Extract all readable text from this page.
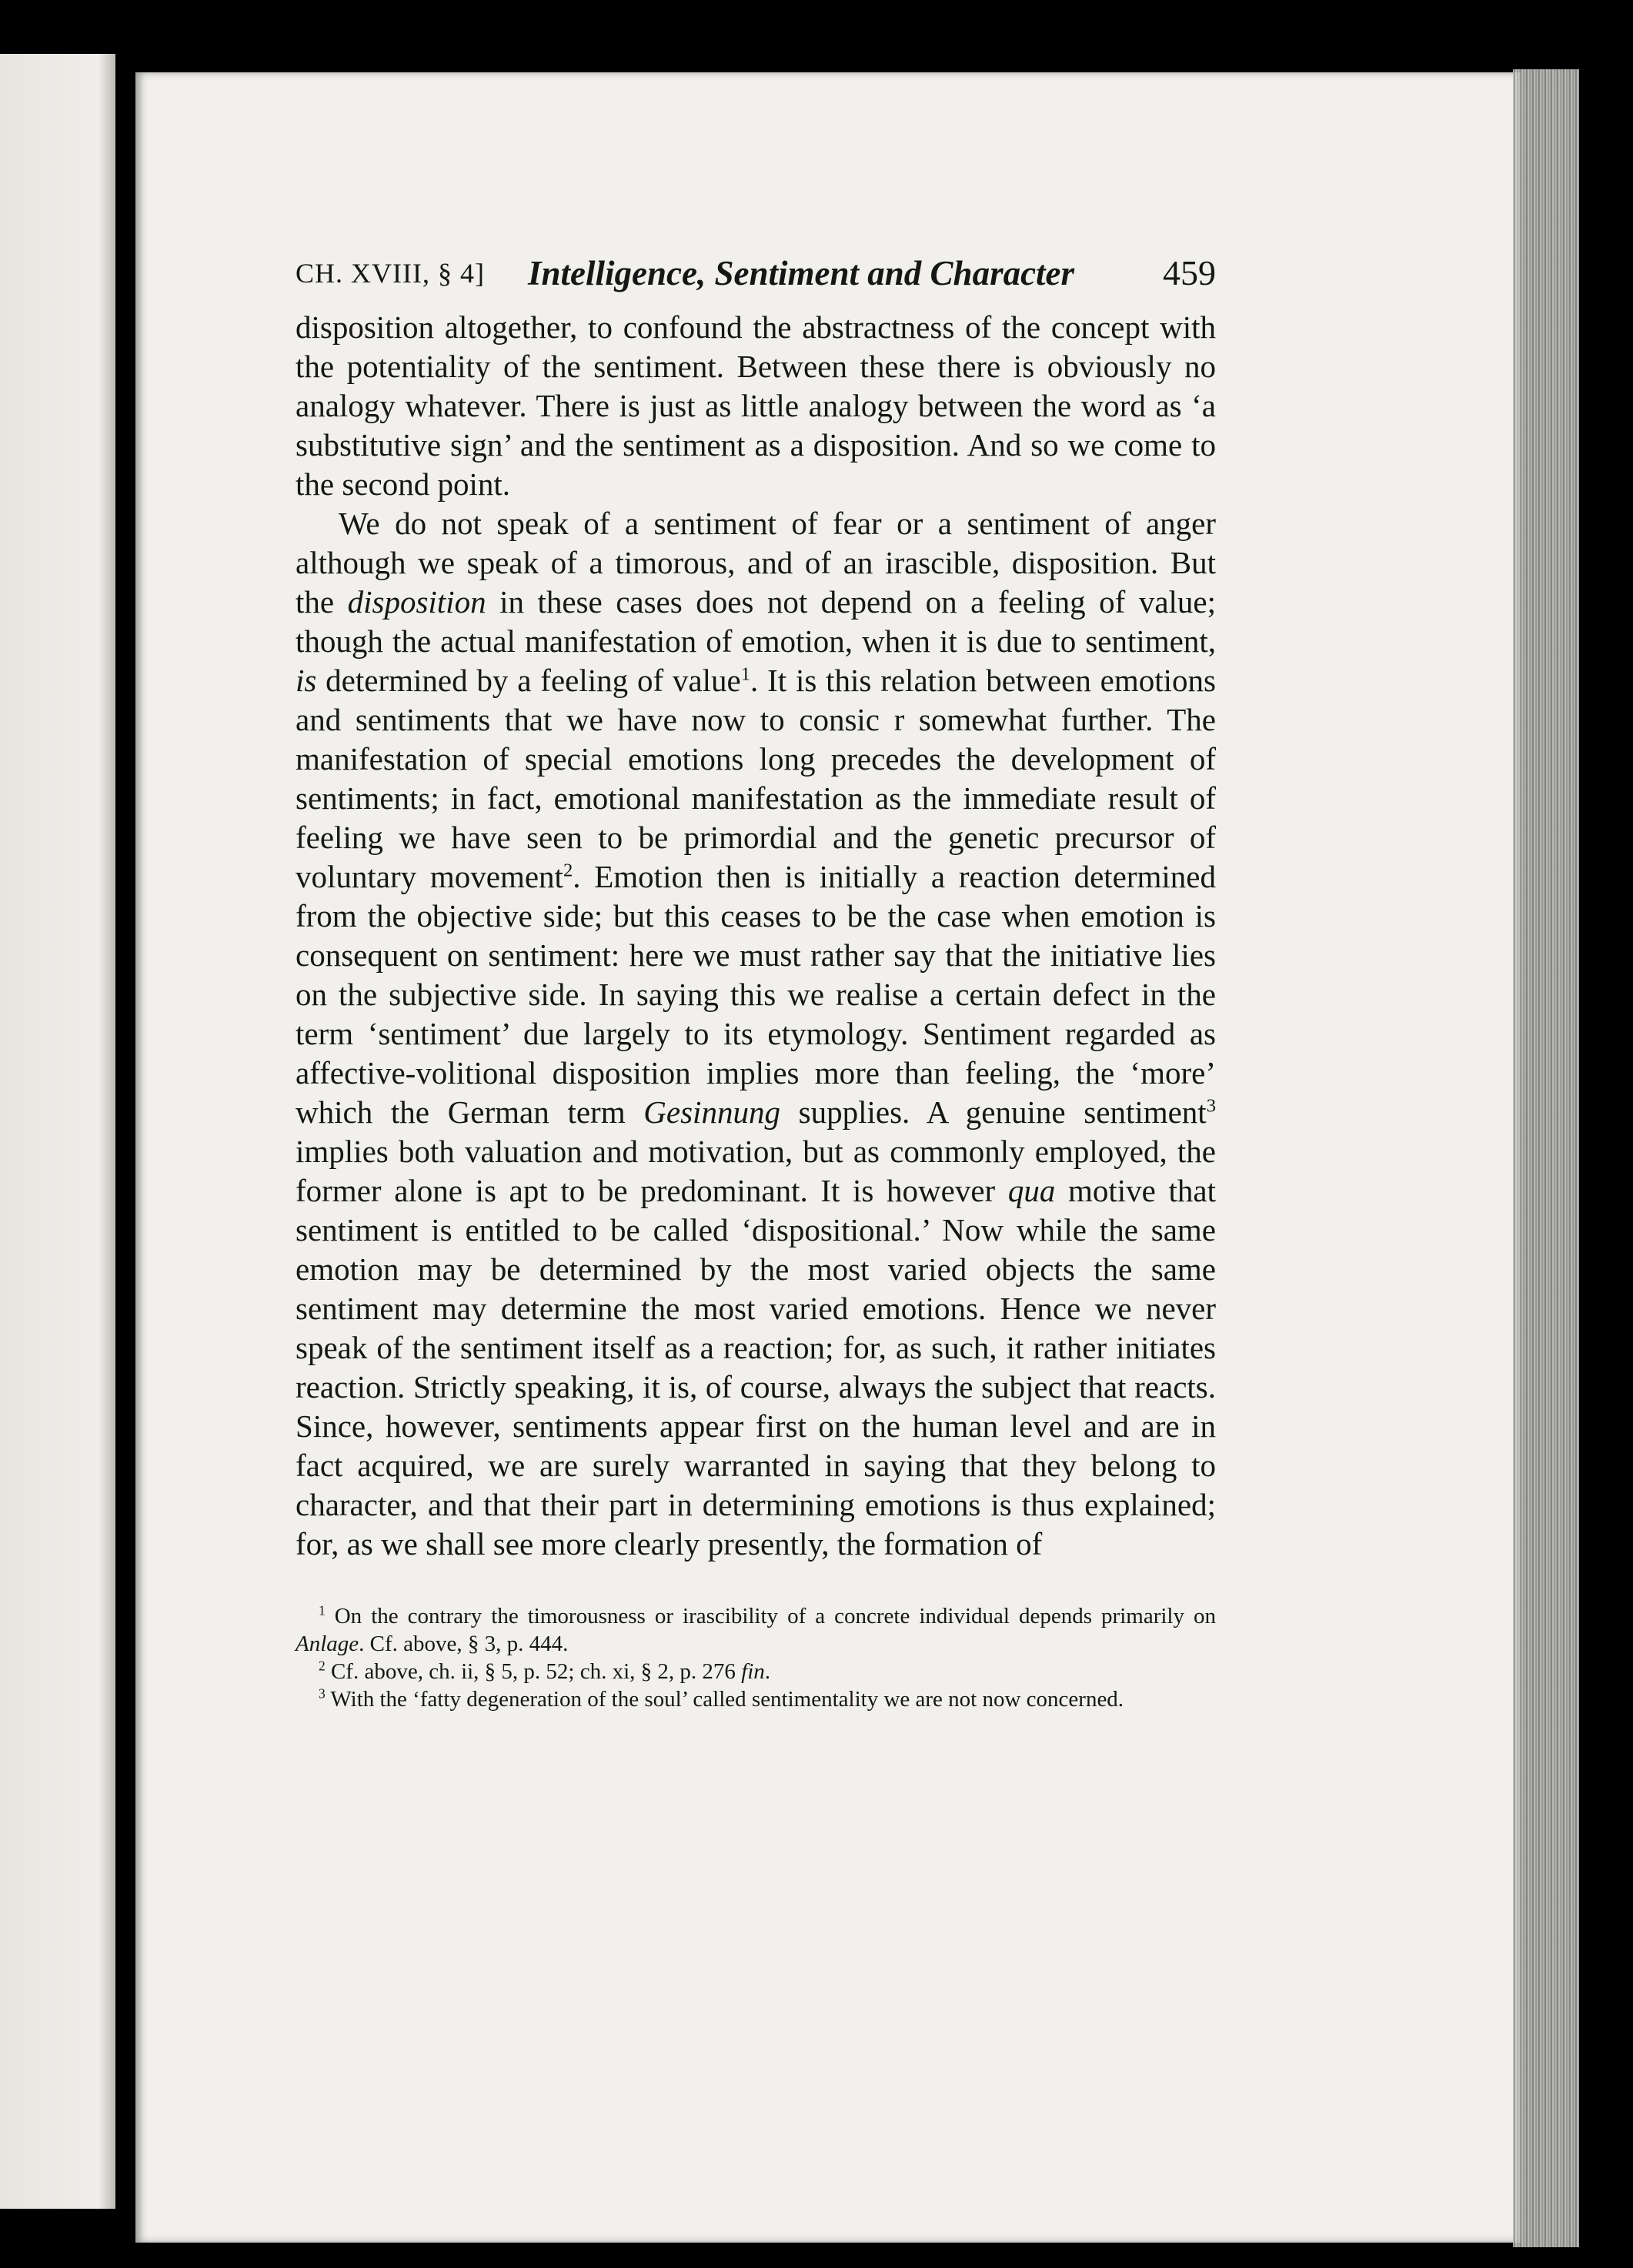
CH. XVIII, § 4] Intelligence, Sentiment and Character 459

disposition altogether, to confound the abstractness of the concept with the potentiality of the sentiment. Between these there is obviously no analogy whatever. There is just as little analogy between the word as ‘a substitutive sign’ and the sentiment as a disposition. And so we come to the second point.

We do not speak of a sentiment of fear or a sentiment of anger although we speak of a timorous, and of an irascible, disposition. But the disposition in these cases does not depend on a feeling of value; though the actual manifestation of emotion, when it is due to sentiment, is determined by a feeling of value$^1$. It is this relation between emotions and sentiments that we have now to consic r somewhat further. The manifestation of special emotions long precedes the development of sentiments; in fact, emotional manifestation as the immediate result of feeling we have seen to be primordial and the genetic precursor of voluntary movement$^2$. Emotion then is initially a reaction determined from the objective side; but this ceases to be the case when emotion is consequent on sentiment: here we must rather say that the initiative lies on the subjective side. In saying this we realise a certain defect in the term ‘sentiment’ due largely to its etymology. Sentiment regarded as affective-volitional disposition implies more than feeling, the ‘more’ which the German term Gesinnung supplies. A genuine sentiment$^3$ implies both valuation and motivation, but as commonly employed, the former alone is apt to be predominant. It is however qua motive that sentiment is entitled to be called ‘dispositional.’ Now while the same emotion may be determined by the most varied objects the same sentiment may determine the most varied emotions. Hence we never speak of the sentiment itself as a reaction; for, as such, it rather initiates reaction. Strictly speaking, it is, of course, always the subject that reacts. Since, however, sentiments appear first on the human level and are in fact acquired, we are surely warranted in saying that they belong to character, and that their part in determining emotions is thus explained; for, as we shall see more clearly presently, the formation of

$^1$ On the contrary the timorousness or irascibility of a concrete individual depends primarily on Anlage. Cf. above, § 3, p. 444.

$^2$ Cf. above, ch. ii, § 5, p. 52; ch. xi, § 2, p. 276 fin.

$^3$ With the ‘fatty degeneration of the soul’ called sentimentality we are not now concerned.
